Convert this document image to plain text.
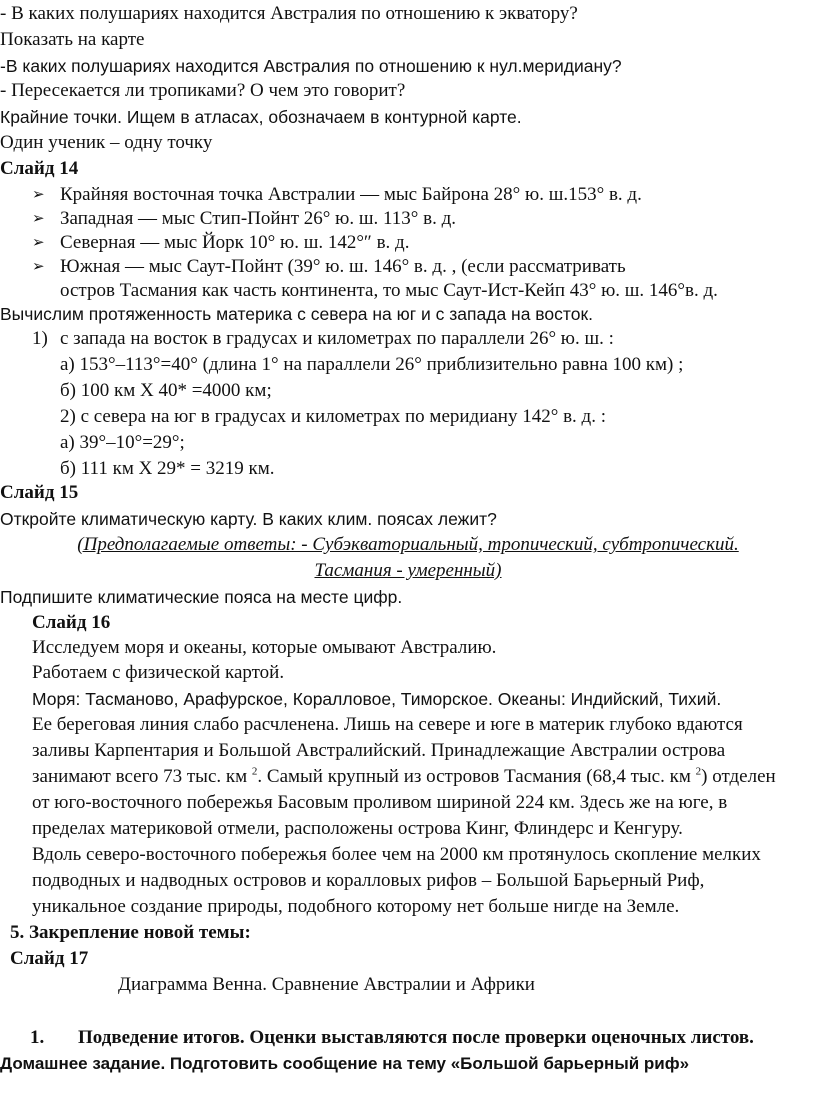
- В каких полушариях находится Австралия по отношению к экватору?
Показать на карте
-В каких полушариях находится Австралия по отношению к нул.меридиану?
- Пересекается ли тропиками? О чем это говорит?
Крайние точки. Ищем в атласах, обозначаем в контурной карте.
Один ученик – одну точку
Слайд 14
➢ Крайняя восточная точка Австралии — мыс Байрона 28° ю. ш.153° в. д.
➢ Западная — мыс Стип-Пойнт 26° ю. ш. 113° в. д.
➢ Северная — мыс Йорк 10° ю. ш. 142°″ в. д.
➢ Южная — мыс Саут-Пойнт (39° ю. ш. 146° в. д. , (если рассматривать
остров Тасмания как часть континента, то мыс Саут-Ист-Кейп 43° ю. ш. 146°в. д.
Вычислим протяженность материка с севера на юг и с запада на восток.
1) с запада на восток в градусах и километрах по параллели 26° ю. ш. :
а) 153°–113°=40° (длина 1° на параллели 26° приблизительно равна 100 км) ;
б) 100 км Х 40* =4000 км;
2) с севера на юг в градусах и километрах по меридиану 142° в. д. :
а) 39°–10°=29°;
б) 111 км Х 29* = 3219 км.
Слайд 15
Откройте климатическую карту. В каких клим. поясах лежит?
(Предполагаемые ответы: - Субэкваториальный, тропический, субтропический.
Тасмания - умеренный)
Подпишите климатические пояса на месте цифр.
Слайд 16
Исследуем моря и океаны, которые омывают Австралию.
Работаем с физической картой.
Моря: Тасманово, Арафурское, Коралловое, Тиморское. Океаны: Индийский, Тихий.
Ее береговая линия слабо расчленена. Лишь на севере и юге в материк глубоко вдаются
заливы Карпентария и Большой Австралийский. Принадлежащие Австралии острова
занимают всего 73 тыс. км $^2$. Самый крупный из островов Тасмания (68,4 тыс. км $^2$) отделен
от юго-восточного побережья Басовым проливом шириной 224 км. Здесь же на юге, в
пределах материковой отмели, расположены острова Кинг, Флиндерс и Кенгуру.
Вдоль северо-восточного побережья более чем на 2000 км протянулось скопление мелких
подводных и надводных островов и коралловых рифов – Большой Барьерный Риф,
уникальное создание природы, подобного которому нет больше нигде на Земле.
5. Закрепление новой темы:
Слайд 17
Диаграмма Венна. Сравнение Австралии и Африки
1. Подведение итогов. Оценки выставляются после проверки оценочных листов.
Домашнее задание. Подготовить сообщение на тему «Большой барьерный риф»
